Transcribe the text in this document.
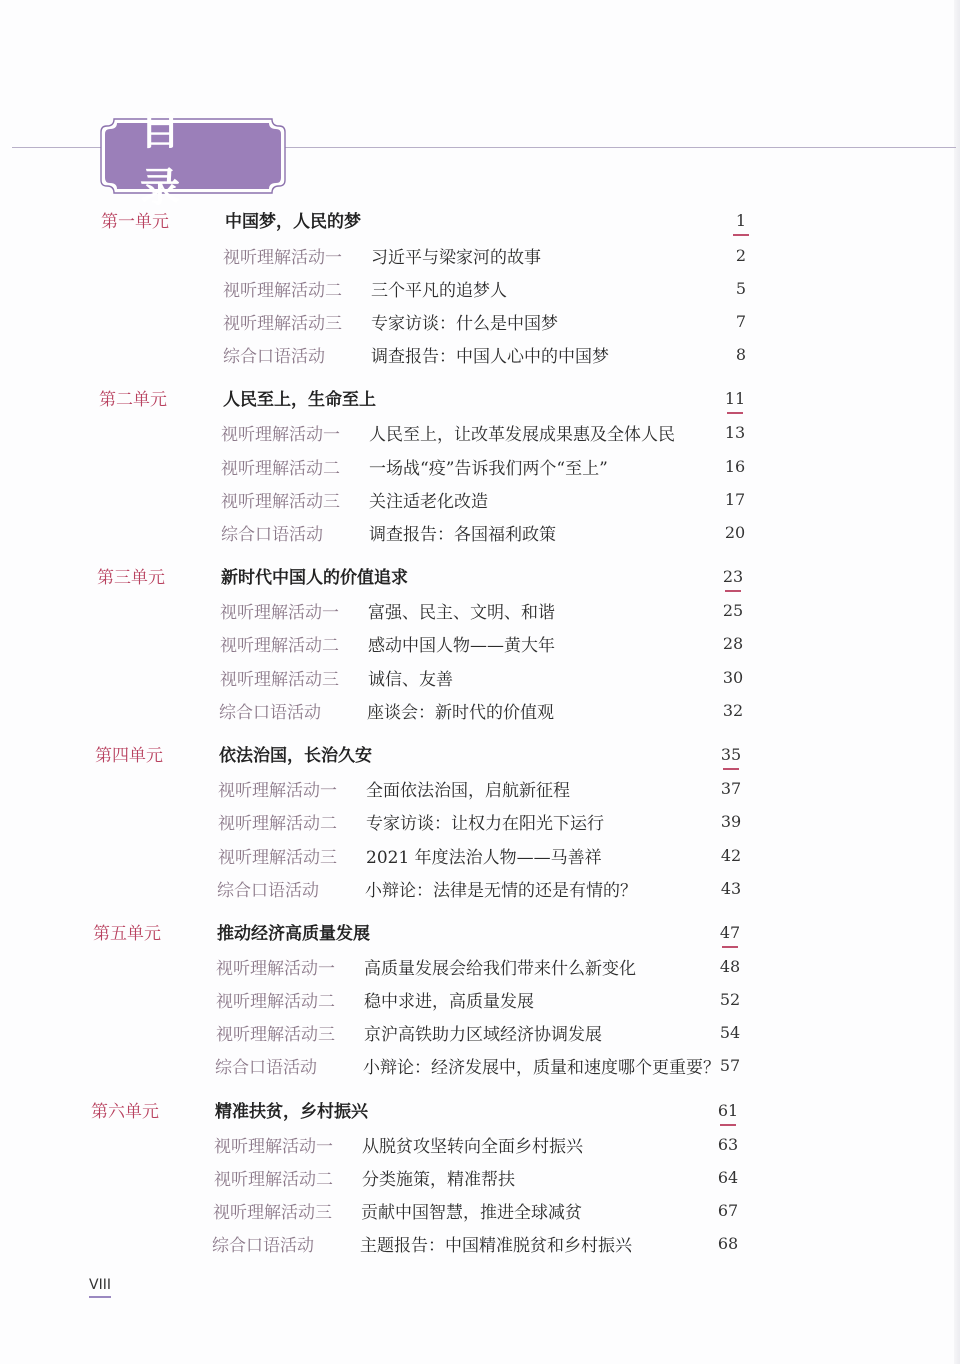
目录
第一单元	中国梦，人民的梦	1
视听理解活动一 习近平与梁家河的故事	2
视听理解活动二 三个平凡的追梦人	5
视听理解活动三 专家访谈：什么是中国梦	7
综合口语活动	调查报告：中国人心中的中国梦	8
第二单元	人民至上，生命至上	11
视听理解活动一 人民至上，让改革发展成果惠及全体人民	13
视听理解活动二 一场战“疫”告诉我们两个“至上”	16
视听理解活动三 关注适老化改造	17
综合口语活动	调查报告：各国福利政策	20
第三单元	新时代中国人的价值追求	23
视听理解活动一 富强、民主、文明、和谐	25
视听理解活动二 感动中国人物——黄大年	28
视听理解活动三 诚信、友善	30
综合口语活动	座谈会：新时代的价值观	32
第四单元	依法治国，长治久安	35
视听理解活动一 全面依法治国，启航新征程	37
视听理解活动二 专家访谈：让权力在阳光下运行	39
视听理解活动三 2021 年度法治人物——马善祥	42
综合口语活动	小辩论：法律是无情的还是有情的？	43
第五单元	推动经济高质量发展	47
视听理解活动一 高质量发展会给我们带来什么新变化	48
视听理解活动二 稳中求进，高质量发展	52
视听理解活动三 京沪高铁助力区域经济协调发展	54
综合口语活动	小辩论：经济发展中，质量和速度哪个更重要？ 57
第六单元	精准扶贫，乡村振兴	61
视听理解活动一 从脱贫攻坚转向全面乡村振兴	63
视听理解活动二 分类施策，精准帮扶	64
视听理解活动三 贡献中国智慧，推进全球减贫	67
综合口语活动	主题报告：中国精准脱贫和乡村振兴	68
VIII
